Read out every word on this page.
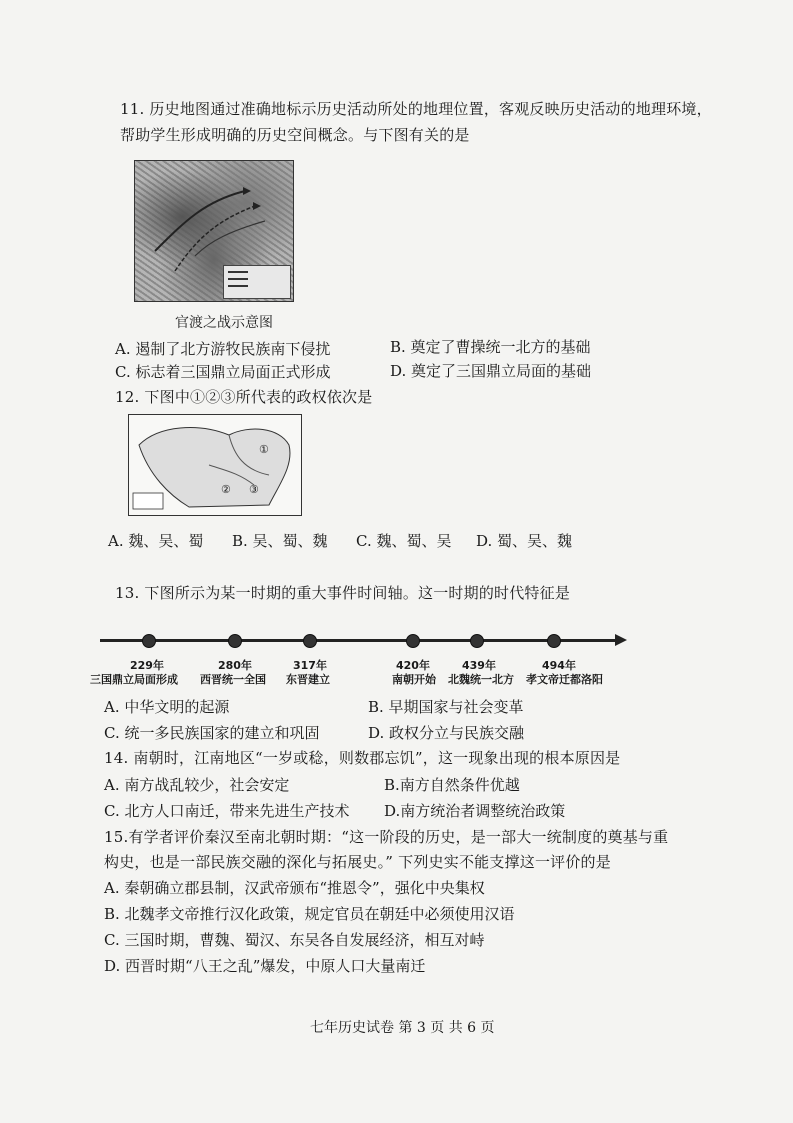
11. 历史地图通过准确地标示历史活动所处的地理位置，客观反映历史活动的地理环境，
帮助学生形成明确的历史空间概念。与下图有关的是
官渡之战示意图
A. 遏制了北方游牧民族南下侵扰	B. 奠定了曹操统一北方的基础
C. 标志着三国鼎立局面正式形成	D. 奠定了三国鼎立局面的基础
12. 下图中①②③所代表的政权依次是
①
② ③
A. 魏、吴、蜀 B. 吴、蜀、魏 C. 魏、蜀、吴 D. 蜀、吴、魏
13. 下图所示为某一时期的重大事件时间轴。这一时期的时代特征是
229年	280年	317年	420年	439年	494年
三国鼎立局面形成 西晋统一全国 东晋建立	南朝开始 北魏统一北方 孝文帝迁都洛阳
A. 中华文明的起源	B. 早期国家与社会变革
C. 统一多民族国家的建立和巩固	D. 政权分立与民族交融
14. 南朝时，江南地区“一岁或稔，则数郡忘饥”，这一现象出现的根本原因是
A. 南方战乱较少，社会安定	B.南方自然条件优越
C. 北方人口南迁，带来先进生产技术 D.南方统治者调整统治政策
15.有学者评价秦汉至南北朝时期：“这一阶段的历史，是一部大一统制度的奠基与重
构史，也是一部民族交融的深化与拓展史。” 下列史实不能支撑这一评价的是
A. 秦朝确立郡县制，汉武帝颁布“推恩令”，强化中央集权
B. 北魏孝文帝推行汉化政策，规定官员在朝廷中必须使用汉语
C. 三国时期，曹魏、蜀汉、东吴各自发展经济，相互对峙
D. 西晋时期“八王之乱”爆发，中原人口大量南迁
七年历史试卷 第 3 页 共 6 页
